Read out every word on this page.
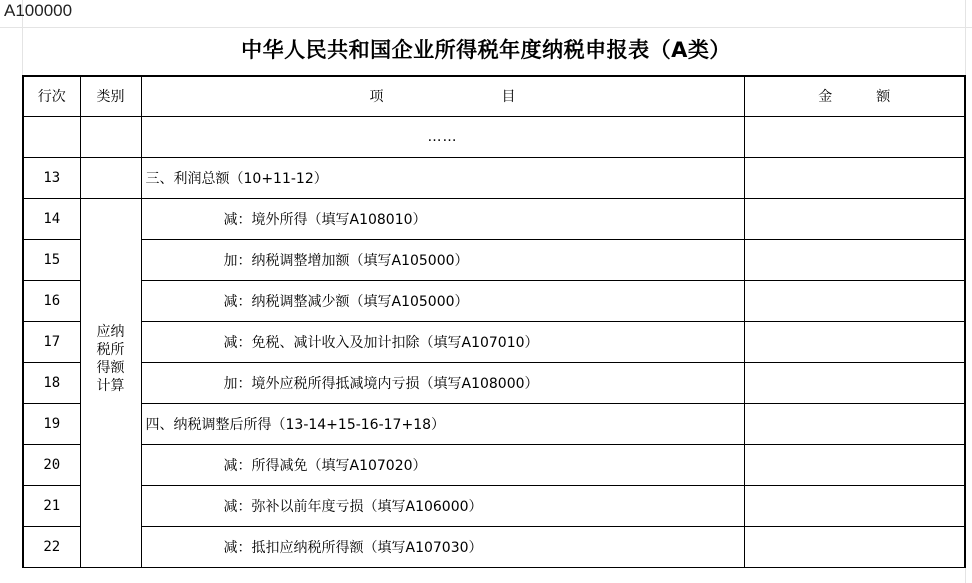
A100000
中华人民共和国企业所得税年度纳税申报表（A类）
行次	类别	项 目	金 额
		……	
13		三、利润总额（10+11-12）	
14	应纳税所得额计算	减：境外所得（填写A108010）	
15		加：纳税调整增加额（填写A105000）	
16		减：纳税调整减少额（填写A105000）	
17		减：免税、减计收入及加计扣除（填写A107010）	
18		加：境外应税所得抵减境内亏损（填写A108000）	
19		四、纳税调整后所得（13-14+15-16-17+18）	
20		减：所得减免（填写A107020）	
21		减：弥补以前年度亏损（填写A106000）	
22		减：抵扣应纳税所得额（填写A107030）	
